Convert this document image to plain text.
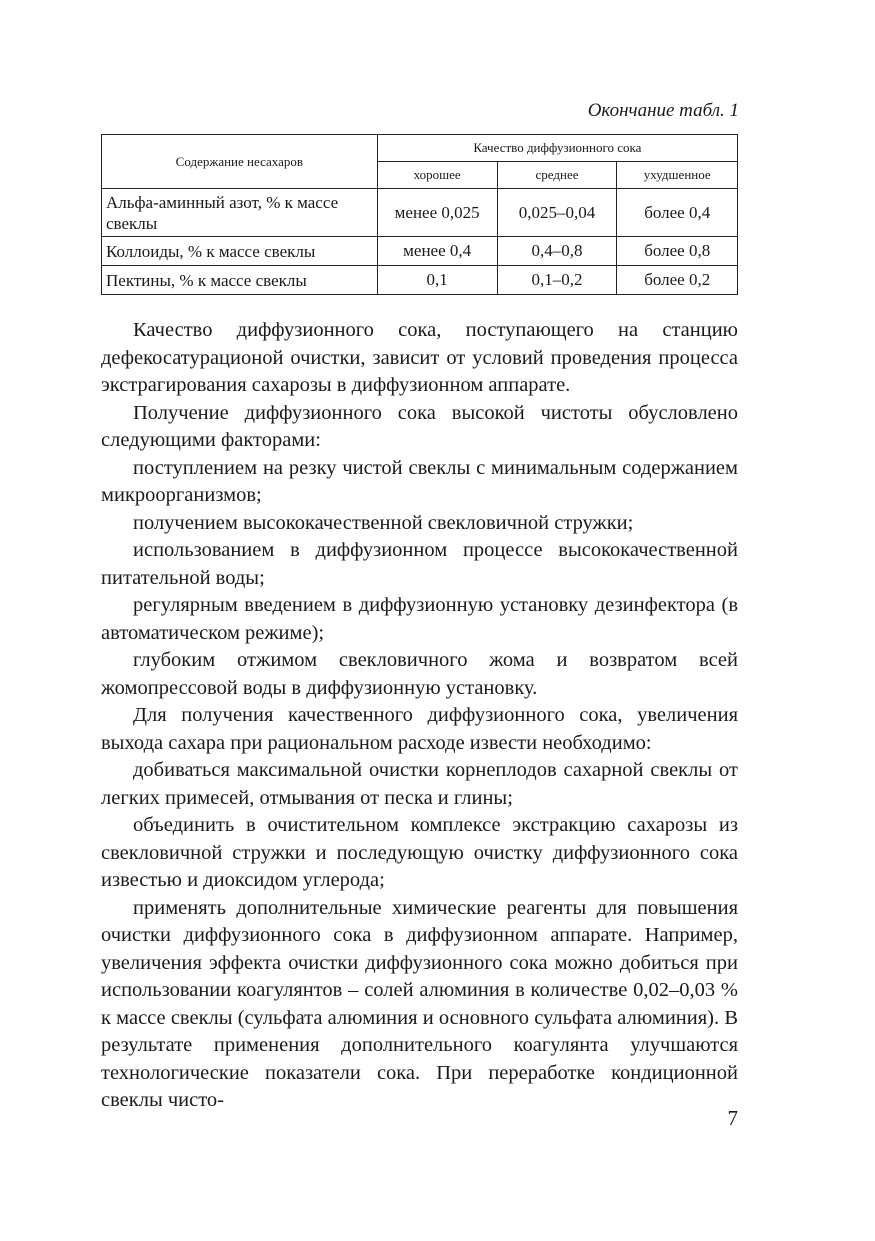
Окончание табл. 1
Содержание несахаров	Качество диффузионного сока		
	хорошее	среднее	ухудшенное
Альфа-аминный азот, % к массе свеклы	менее 0,025	0,025–0,04	более 0,4
Коллоиды, % к массе свеклы	менее 0,4	0,4–0,8	более 0,8
Пектины, % к массе свеклы	0,1	0,1–0,2	более 0,2

Качество диффузионного сока, поступающего на станцию дефекосатурационой очистки, зависит от условий проведения процесса экстрагирования сахарозы в диффузионном аппарате.

Получение диффузионного сока высокой чистоты обусловлено следующими факторами:

поступлением на резку чистой свеклы с минимальным содержанием микроорганизмов;

получением высококачественной свекловичной стружки;

использованием в диффузионном процессе высококачественной питательной воды;

регулярным введением в диффузионную установку дезинфектора (в автоматическом режиме);

глубоким отжимом свекловичного жома и возвратом всей жомопрессовой воды в диффузионную установку.

Для получения качественного диффузионного сока, увеличения выхода сахара при рациональном расходе извести необходимо:

добиваться максимальной очистки корнеплодов сахарной свеклы от легких примесей, отмывания от песка и глины;

объединить в очистительном комплексе экстракцию сахарозы из свекловичной стружки и последующую очистку диффузионного сока известью и диоксидом углерода;

применять дополнительные химические реагенты для повышения очистки диффузионного сока в диффузионном аппарате. Например, увеличения эффекта очистки диффузионного сока можно добиться при использовании коагулянтов – солей алюминия в количестве 0,02–0,03 % к массе свеклы (сульфата алюминия и основного сульфата алюминия). В результате применения дополнительного коагулянта улучшаются технологические показатели сока. При переработке кондиционной свеклы чисто-

7
